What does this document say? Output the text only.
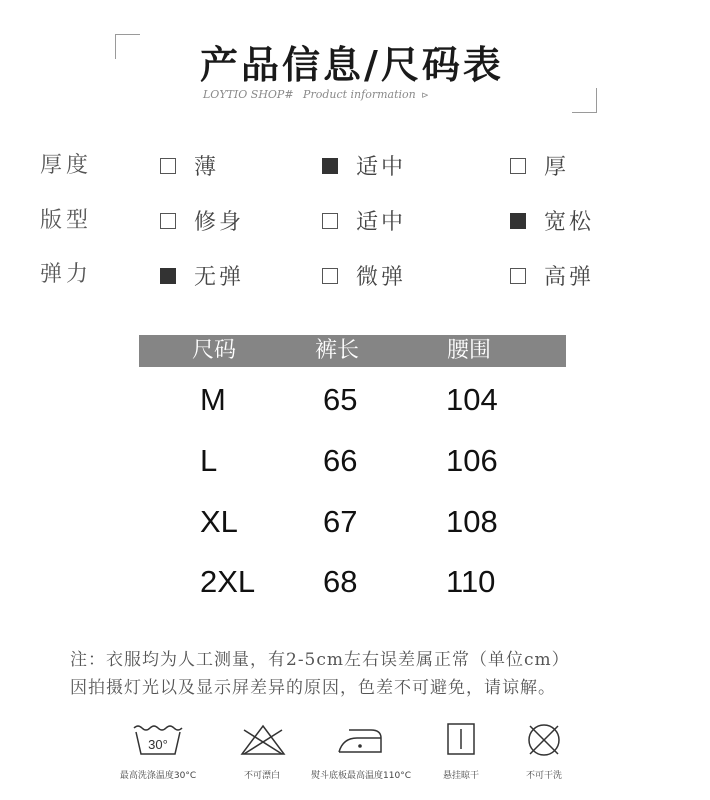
产品信息/尺码表
LOYTIO SHOP# Product information ⊳
厚度	薄	适中	厚
版型	修身	适中	宽松
弹力	无弹	微弹	高弹
尺码	裤长	腰围
M	65	104
L	66	106
XL	67	108
2XL 68	110
注：衣服均为人工测量，有2-5cm左右误差属正常（单位cm）
因拍摄灯光以及显示屏差异的原因，色差不可避免，请谅解。
30°
最高洗涤温度30°C	不可漂白	熨斗底板最高温度110°C	悬挂晾干	不可干洗
